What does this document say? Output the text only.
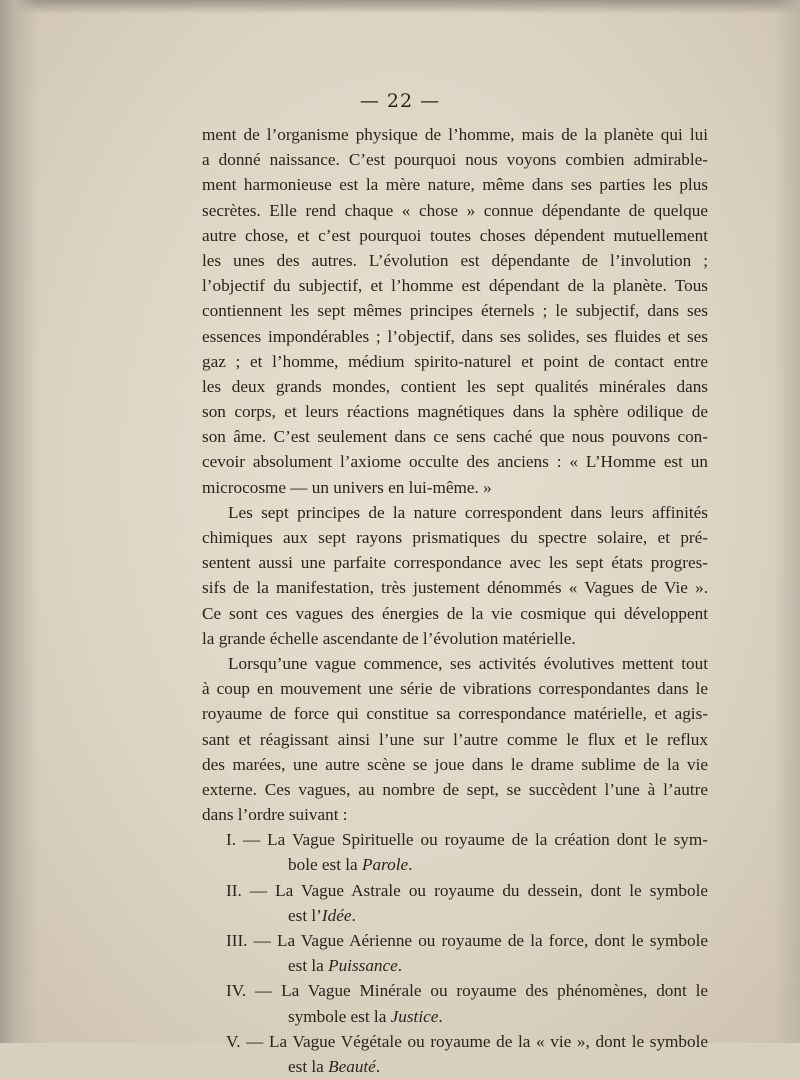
— 22 —
ment de l’organisme physique de l’homme, mais de la planète qui lui
a donné naissance. C’est pourquoi nous voyons combien admirable-
ment harmonieuse est la mère nature, même dans ses parties les plus
secrètes. Elle rend chaque « chose » connue dépendante de quelque
autre chose, et c’est pourquoi toutes choses dépendent mutuellement
les unes des autres. L’évolution est dépendante de l’involution ;
l’objectif du subjectif, et l’homme est dépendant de la planète. Tous
contiennent les sept mêmes principes éternels ; le subjectif, dans ses
essences impondérables ; l’objectif, dans ses solides, ses fluides et ses
gaz ; et l’homme, médium spirito-naturel et point de contact entre
les deux grands mondes, contient les sept qualités minérales dans
son corps, et leurs réactions magnétiques dans la sphère odilique de
son âme. C’est seulement dans ce sens caché que nous pouvons con-
cevoir absolument l’axiome occulte des anciens : « L’Homme est un
microcosme — un univers en lui-même. »
Les sept principes de la nature correspondent dans leurs affinités
chimiques aux sept rayons prismatiques du spectre solaire, et pré-
sentent aussi une parfaite correspondance avec les sept états progres-
sifs de la manifestation, très justement dénommés « Vagues de Vie ».
Ce sont ces vagues des énergies de la vie cosmique qui développent
la grande échelle ascendante de l’évolution matérielle.
Lorsqu’une vague commence, ses activités évolutives mettent tout
à coup en mouvement une série de vibrations correspondantes dans le
royaume de force qui constitue sa correspondance matérielle, et agis-
sant et réagissant ainsi l’une sur l’autre comme le flux et le reflux
des marées, une autre scène se joue dans le drame sublime de la vie
externe. Ces vagues, au nombre de sept, se succèdent l’une à l’autre
dans l’ordre suivant :
I. — La Vague Spirituelle ou royaume de la création dont le sym-
bole est la Parole.
II. — La Vague Astrale ou royaume du dessein, dont le symbole
est l’Idée.
III. — La Vague Aérienne ou royaume de la force, dont le symbole
est la Puissance.
IV. — La Vague Minérale ou royaume des phénomènes, dont le
symbole est la Justice.
V. — La Vague Végétale ou royaume de la « vie », dont le symbole
est la Beauté.
